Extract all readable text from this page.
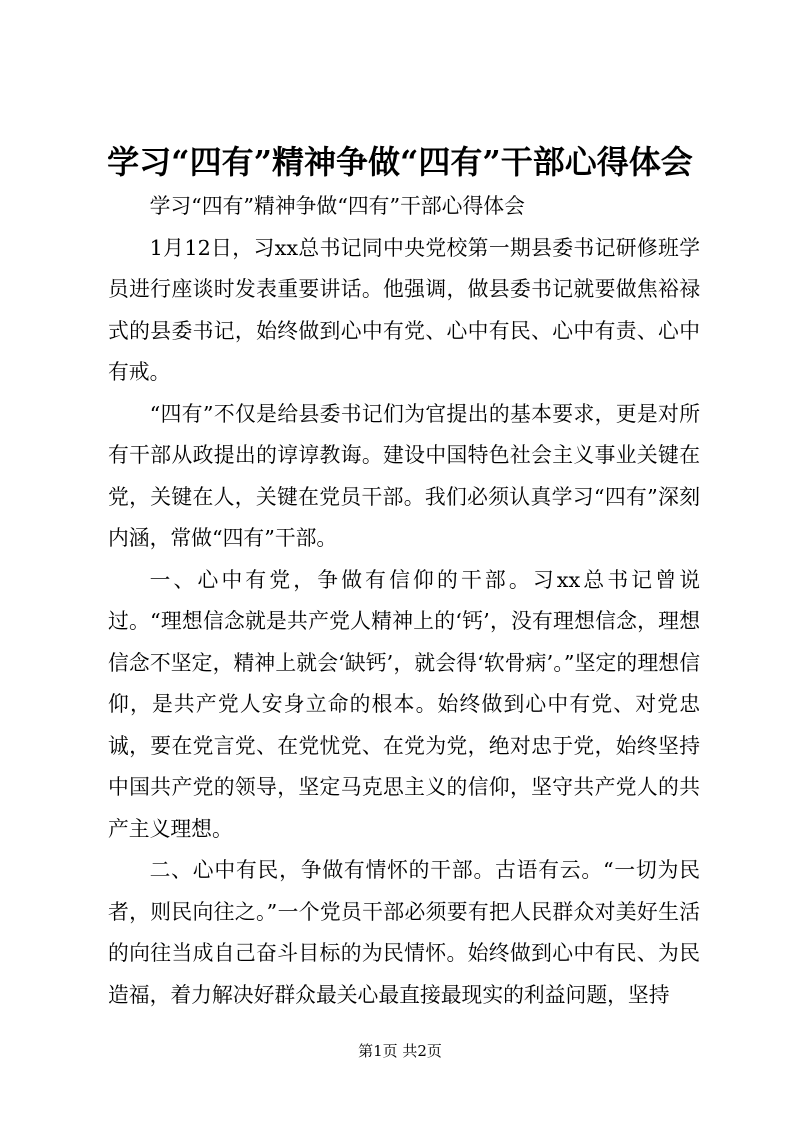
学习“四有”精神争做“四有”干部心得体会

学习“四有”精神争做“四有”干部心得体会

1月12日，习xx总书记同中央党校第一期县委书记研修班学员进行座谈时发表重要讲话。他强调，做县委书记就要做焦裕禄式的县委书记，始终做到心中有党、心中有民、心中有责、心中有戒。

“四有”不仅是给县委书记们为官提出的基本要求，更是对所有干部从政提出的谆谆教诲。建设中国特色社会主义事业关键在党，关键在人，关键在党员干部。我们必须认真学习“四有”深刻内涵，常做“四有”干部。

一、心中有党，争做有信仰的干部。习xx总书记曾说过。“理想信念就是共产党人精神上的‘钙’，没有理想信念，理想信念不坚定，精神上就会‘缺钙’，就会得‘软骨病’。”坚定的理想信仰，是共产党人安身立命的根本。始终做到心中有党、对党忠诚，要在党言党、在党忧党、在党为党，绝对忠于党，始终坚持中国共产党的领导，坚定马克思主义的信仰，坚守共产党人的共产主义理想。

二、心中有民，争做有情怀的干部。古语有云。“一切为民者，则民向往之。”一个党员干部必须要有把人民群众对美好生活的向往当成自己奋斗目标的为民情怀。始终做到心中有民、为民造福，着力解决好群众最关心最直接最现实的利益问题，坚持

第1页 共2页
